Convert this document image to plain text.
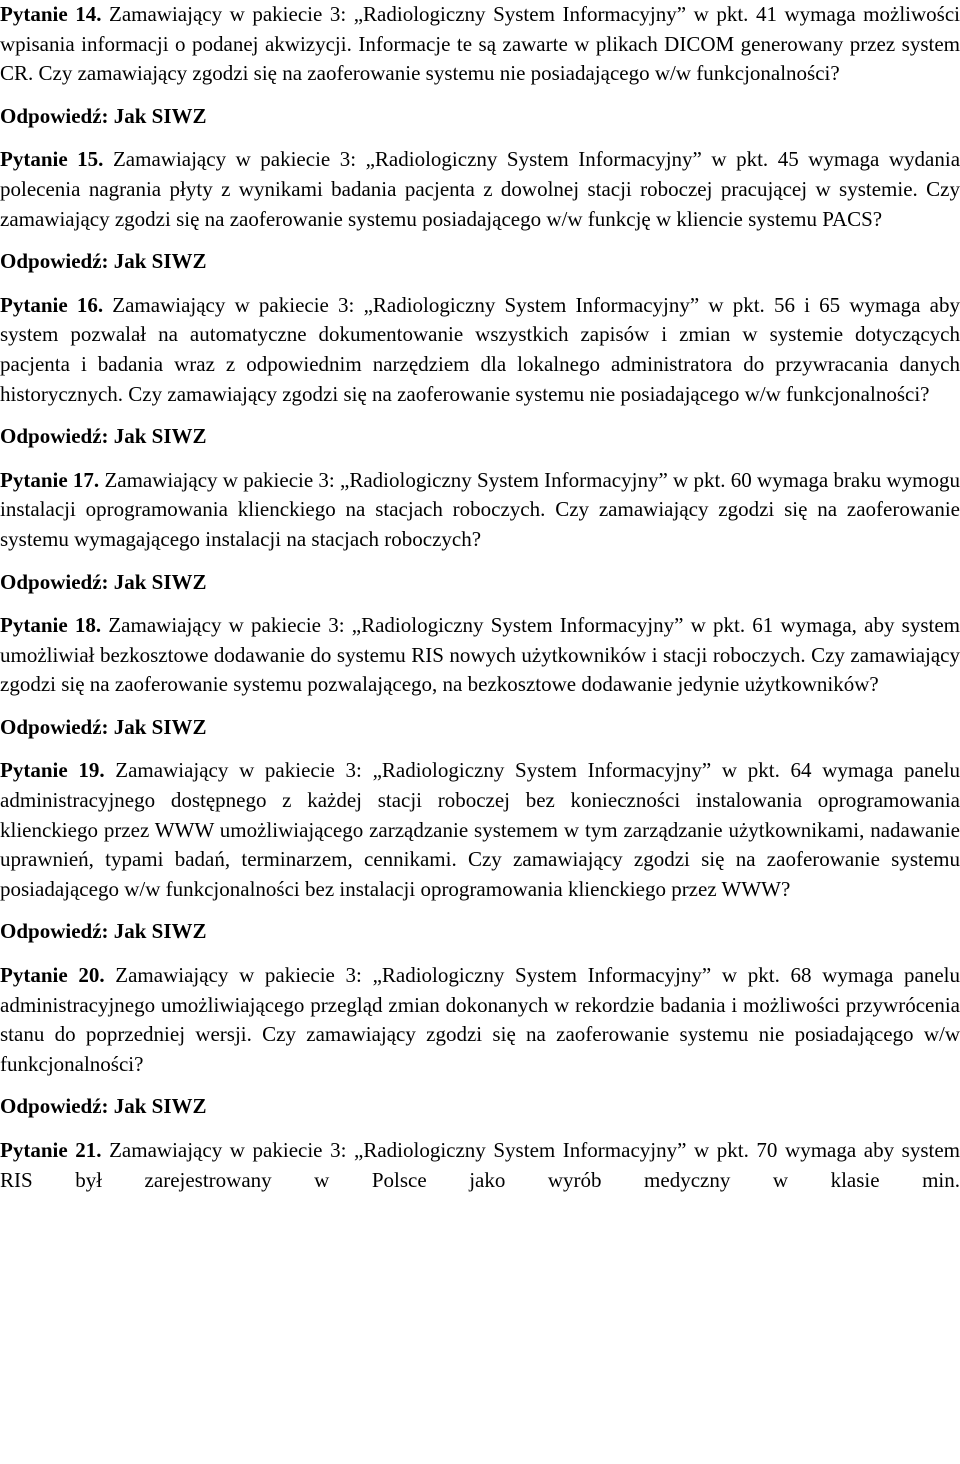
Pytanie 14. Zamawiający w pakiecie 3: „Radiologiczny System Informacyjny” w pkt. 41 wymaga możliwości wpisania informacji o podanej akwizycji. Informacje te są zawarte w plikach DICOM generowany przez system CR. Czy zamawiający zgodzi się na zaoferowanie systemu nie posiadającego w/w funkcjonalności?

Odpowiedź: Jak SIWZ

Pytanie 15. Zamawiający w pakiecie 3: „Radiologiczny System Informacyjny” w pkt. 45 wymaga wydania polecenia nagrania płyty z wynikami badania pacjenta z dowolnej stacji roboczej pracującej w systemie. Czy zamawiający zgodzi się na zaoferowanie systemu posiadającego w/w funkcję w kliencie systemu PACS?

Odpowiedź: Jak SIWZ

Pytanie 16. Zamawiający w pakiecie 3: „Radiologiczny System Informacyjny” w pkt. 56 i 65 wymaga aby system pozwalał na automatyczne dokumentowanie wszystkich zapisów i zmian w systemie dotyczących pacjenta i badania wraz z odpowiednim narzędziem dla lokalnego administratora do przywracania danych historycznych. Czy zamawiający zgodzi się na zaoferowanie systemu nie posiadającego w/w funkcjonalności?

Odpowiedź: Jak SIWZ

Pytanie 17. Zamawiający w pakiecie 3: „Radiologiczny System Informacyjny” w pkt. 60 wymaga braku wymogu instalacji oprogramowania klienckiego na stacjach roboczych. Czy zamawiający zgodzi się na zaoferowanie systemu wymagającego instalacji na stacjach roboczych?

Odpowiedź: Jak SIWZ

Pytanie 18. Zamawiający w pakiecie 3: „Radiologiczny System Informacyjny” w pkt. 61 wymaga, aby system umożliwiał bezkosztowe dodawanie do systemu RIS nowych użytkowników i stacji roboczych. Czy zamawiający zgodzi się na zaoferowanie systemu pozwalającego, na bezkosztowe dodawanie jedynie użytkowników?

Odpowiedź: Jak SIWZ

Pytanie 19. Zamawiający w pakiecie 3: „Radiologiczny System Informacyjny” w pkt. 64 wymaga panelu administracyjnego dostępnego z każdej stacji roboczej bez konieczności instalowania oprogramowania klienckiego przez WWW umożliwiającego zarządzanie systemem w tym zarządzanie użytkownikami, nadawanie uprawnień, typami badań, terminarzem, cennikami. Czy zamawiający zgodzi się na zaoferowanie systemu posiadającego w/w funkcjonalności bez instalacji oprogramowania klienckiego przez WWW?

Odpowiedź: Jak SIWZ

Pytanie 20. Zamawiający w pakiecie 3: „Radiologiczny System Informacyjny” w pkt. 68 wymaga panelu administracyjnego umożliwiającego przegląd zmian dokonanych w rekordzie badania i możliwości przywrócenia stanu do poprzedniej wersji. Czy zamawiający zgodzi się na zaoferowanie systemu nie posiadającego w/w funkcjonalności?

Odpowiedź: Jak SIWZ

Pytanie 21. Zamawiający w pakiecie 3: „Radiologiczny System Informacyjny” w pkt. 70 wymaga aby system RIS był zarejestrowany w Polsce jako wyrób medyczny w klasie min.
